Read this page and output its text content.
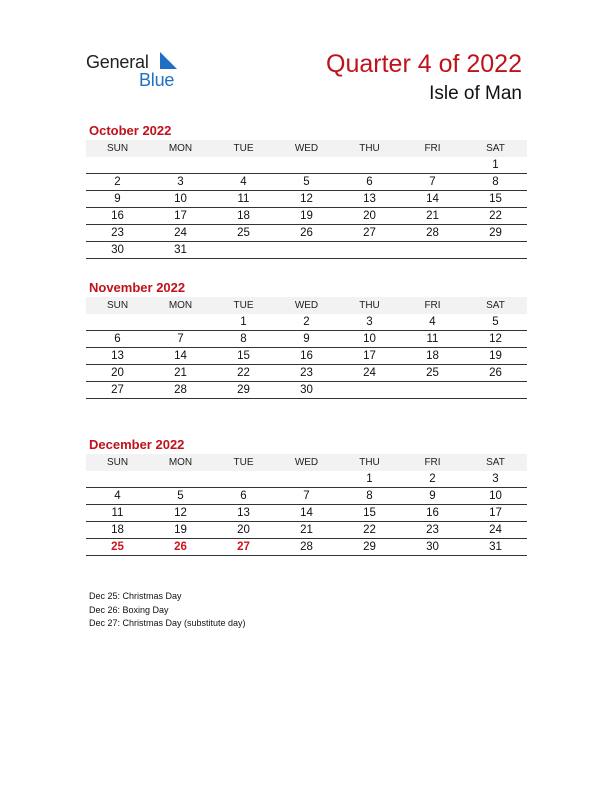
General
Blue
Quarter 4 of 2022
Isle of Man
October 2022
SUN	MON	TUE	WED	THU	FRI	SAT
						1
2	3	4	5	6	7	8
9	10	11	12	13	14	15
16	17	18	19	20	21	22
23	24	25	26	27	28	29
30	31					
November 2022
SUN	MON	TUE	WED	THU	FRI	SAT
		1	2	3	4	5
6	7	8	9	10	11	12
13	14	15	16	17	18	19
20	21	22	23	24	25	26
27	28	29	30			
December 2022
SUN	MON	TUE	WED	THU	FRI	SAT
				1	2	3
4	5	6	7	8	9	10
11	12	13	14	15	16	17
18	19	20	21	22	23	24
25	26	27	28	29	30	31
Dec 25: Christmas Day
Dec 26: Boxing Day
Dec 27: Christmas Day (substitute day)
